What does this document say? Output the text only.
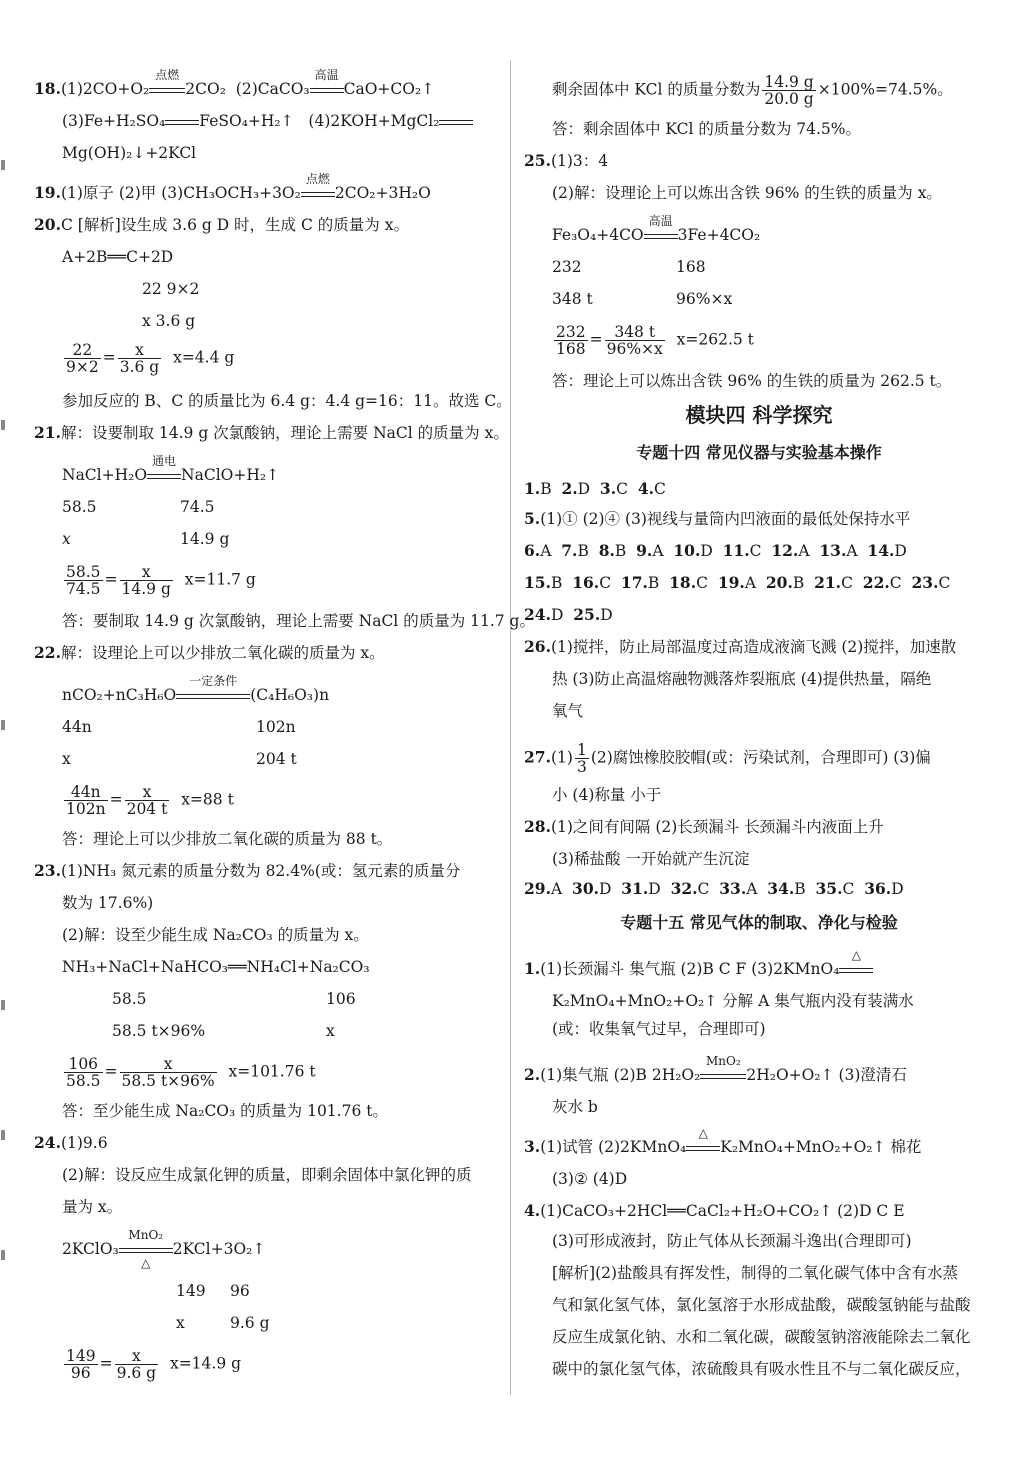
18.(1)2CO+O₂
点燃
2CO₂ (2)CaCO₃
高温
CaO+CO₂↑
(3)Fe+H₂SO₄ FeSO₄+H₂↑ (4)2KOH+MgCl₂
Mg(OH)₂↓+2KCl
19.(1)原子 (2)甲 (3)CH₃OCH₃+3O₂
点燃
2CO₂+3H₂O
20.C [解析]设生成 3.6 g D 时，生成 C 的质量为 x。
A+2B══C+2D
22 9×2
x 3.6 g
$\frac{22}{9\times 2} = \frac{x}{3.6 g} x=4.4$ g
参加反应的 B、C 的质量比为 6.4 g：4.4 g=16：11。故选 C。
21.解：设要制取 14.9 g 次氯酸钠，理论上需要 NaCl 的质量为 x。
NaCl+H₂O
通电
NaClO+H₂↑
58.5	74.5
x	14.9 g
$\frac{58.5}{74.5} = \frac{x}{14.9 g} x=11.7$ g
答：要制取 14.9 g 次氯酸钠，理论上需要 NaCl 的质量为 11.7 g。
22.解：设理论上可以少排放二氧化碳的质量为 x。
nCO₂+nC₃H₆O
一定条件
(C₄H₆O₃)n
44n	102n
x	204 t
$\frac{44n}{102n} = \frac{x}{204 t} x=88$ t
答：理论上可以少排放二氧化碳的质量为 88 t。
23.(1)NH₃ 氮元素的质量分数为 82.4%(或：氢元素的质量分
数为 17.6%)
(2)解：设至少能生成 Na₂CO₃ 的质量为 x。
NH₃+NaCl+NaHCO₃══NH₄Cl+Na₂CO₃
58.5	106
58.5 t×96%	x
$\frac{106}{58.5} = \frac{x}{58.5 t\times 96\%} x=101.76$ t
答：至少能生成 Na₂CO₃ 的质量为 101.76 t。
24.(1)9.6
(2)解：设反应生成氯化钾的质量，即剩余固体中氯化钾的质
量为 x。
2KClO₃
MnO₂
△
2KCl+3O₂↑
149 96
x	9.6 g
$\frac{149}{96} = \frac{x}{9.6 g} x=14.9$ g
剩余固体中 KCl 的质量分数为 $\frac{14.9 g}{20.0 g} \times 100\%=74.5\%$。
答：剩余固体中 KCl 的质量分数为 74.5%。
25.(1)3：4
(2)解：设理论上可以炼出含铁 96% 的生铁的质量为 x。
Fe₃O₄+4CO
高温
3Fe+4CO₂
232	168
348 t	96%×x
$\frac{232}{168} = \frac{348 t}{96\%\times x} x=262.5$ t
答：理论上可以炼出含铁 96% 的生铁的质量为 262.5 t。
模块四 科学探究
专题十四 常见仪器与实验基本操作
1.B 2.D 3.C 4.C
5.(1)① (2)④ (3)视线与量筒内凹液面的最低处保持水平
6.A 7.B 8.B 9.A 10.D 11.C 12.A 13.A 14.D
15.B 16.C 17.B 18.C 19.A 20.B 21.C 22.C 23.C
24.D 25.D
26.(1)搅拌，防止局部温度过高造成液滴飞溅 (2)搅拌，加速散
热 (3)防止高温熔融物溅落炸裂瓶底 (4)提供热量，隔绝
氧气
$27.(1) \frac{1}{3} (2)$腐蚀橡胶胶帽(或：污染试剂，合理即可) (3)偏
小 (4)称量 小于
28.(1)之间有间隔 (2)长颈漏斗 长颈漏斗内液面上升
(3)稀盐酸 一开始就产生沉淀
29.A 30.D 31.D 32.C 33.A 34.B 35.C 36.D
专题十五 常见气体的制取、净化与检验
1.(1)长颈漏斗 集气瓶 (2)B C F (3)2KMnO₄
△
K₂MnO₄+MnO₂+O₂↑ 分解 A 集气瓶内没有装满水
(或：收集氧气过早，合理即可)
2.(1)集气瓶 (2)B 2H₂O₂
MnO₂
2H₂O+O₂↑ (3)澄清石
灰水 b
3.(1)试管 (2)2KMnO₄
△
K₂MnO₄+MnO₂+O₂↑ 棉花
(3)② (4)D
4.(1)CaCO₃+2HCl══CaCl₂+H₂O+CO₂↑ (2)D C E
(3)可形成液封，防止气体从长颈漏斗逸出(合理即可)
[解析](2)盐酸具有挥发性，制得的二氧化碳气体中含有水蒸
气和氯化氢气体，氯化氢溶于水形成盐酸，碳酸氢钠能与盐酸
反应生成氯化钠、水和二氧化碳，碳酸氢钠溶液能除去二氧化
碳中的氯化氢气体，浓硫酸具有吸水性且不与二氧化碳反应，
